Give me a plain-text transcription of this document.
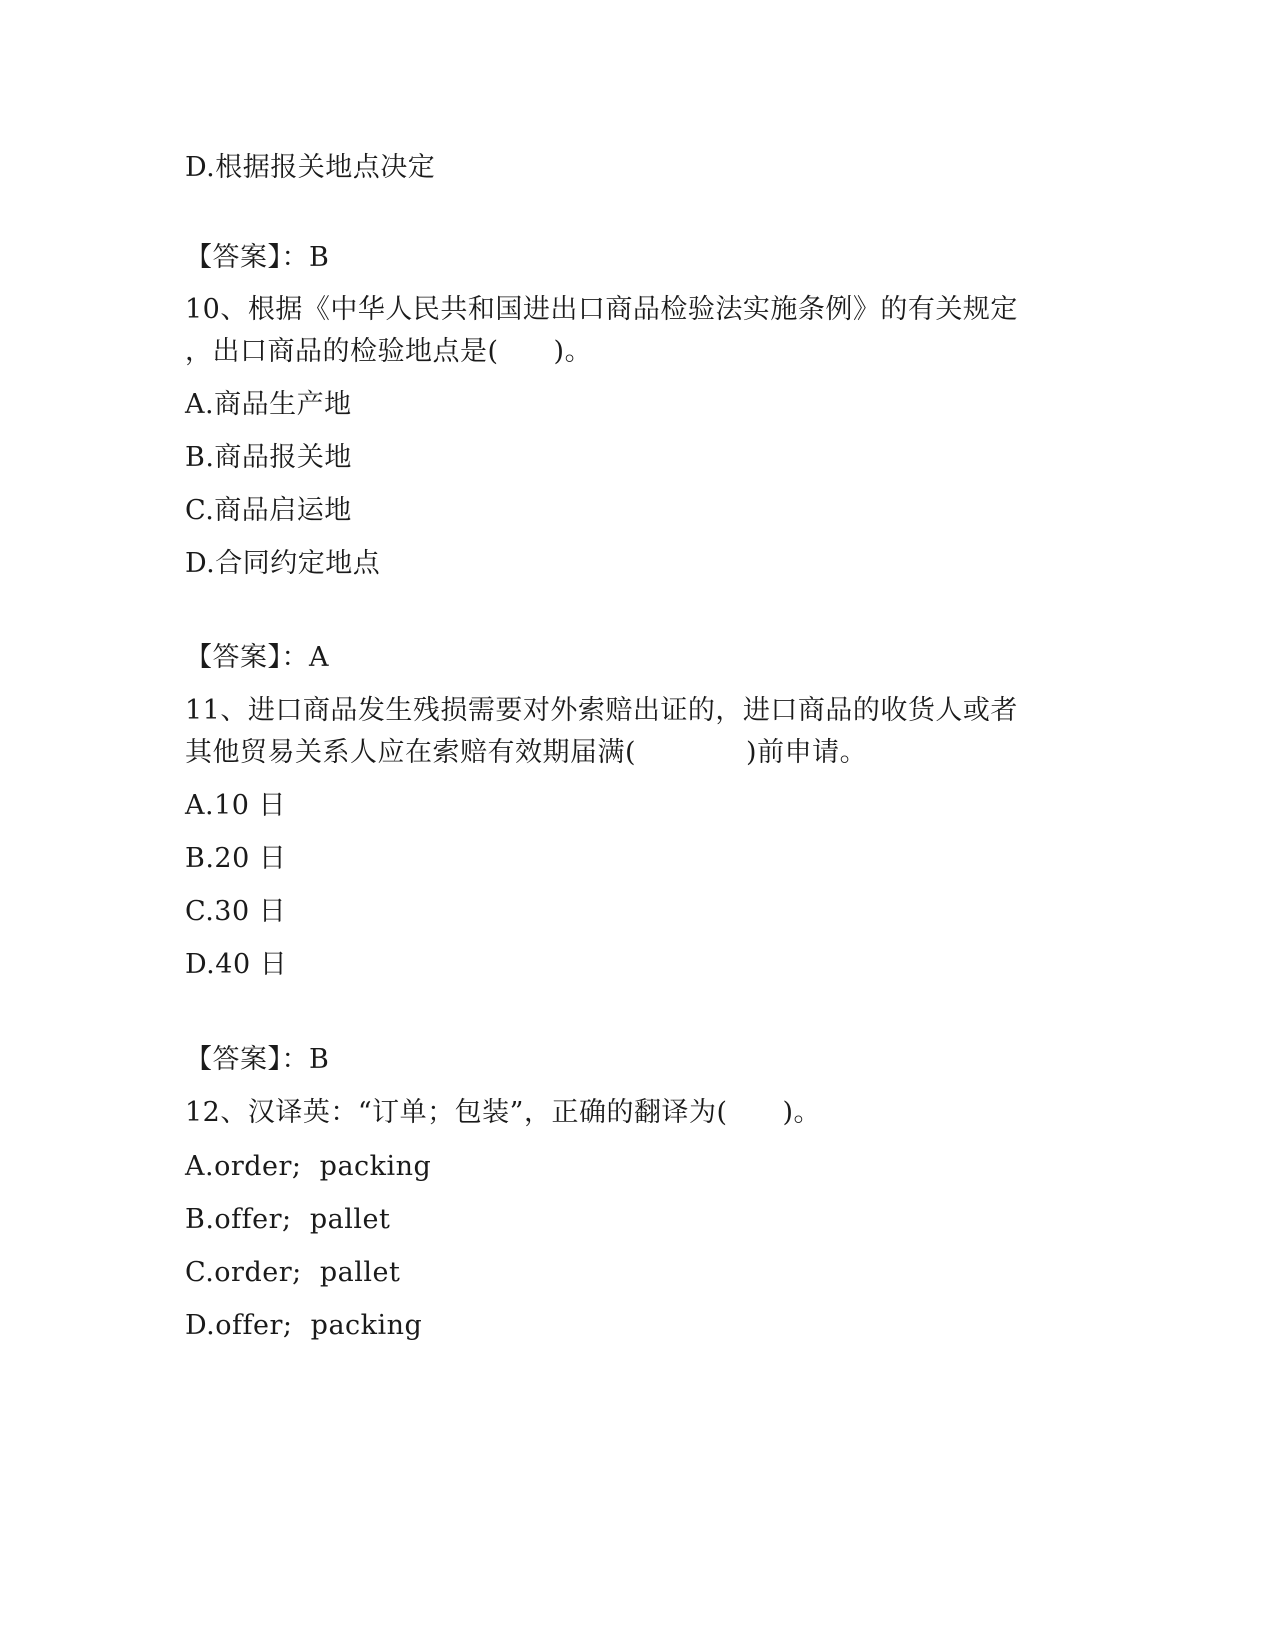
D.根据报关地点决定
【答案】：B
10、根据《中华人民共和国进出口商品检验法实施条例》的有关规定
，出口商品的检验地点是(　　)。
A.商品生产地
B.商品报关地
C.商品启运地
D.合同约定地点
【答案】：A
11、进口商品发生残损需要对外索赔出证的，进口商品的收货人或者
其他贸易关系人应在索赔有效期届满(　　　　)前申请。
A.10 日
B.20 日
C.30 日
D.40 日
【答案】：B
12、汉译英：“订单；包装”，正确的翻译为(　　)。
A.order;  packing
B.offer;  pallet
C.order;  pallet
D.offer;  packing
